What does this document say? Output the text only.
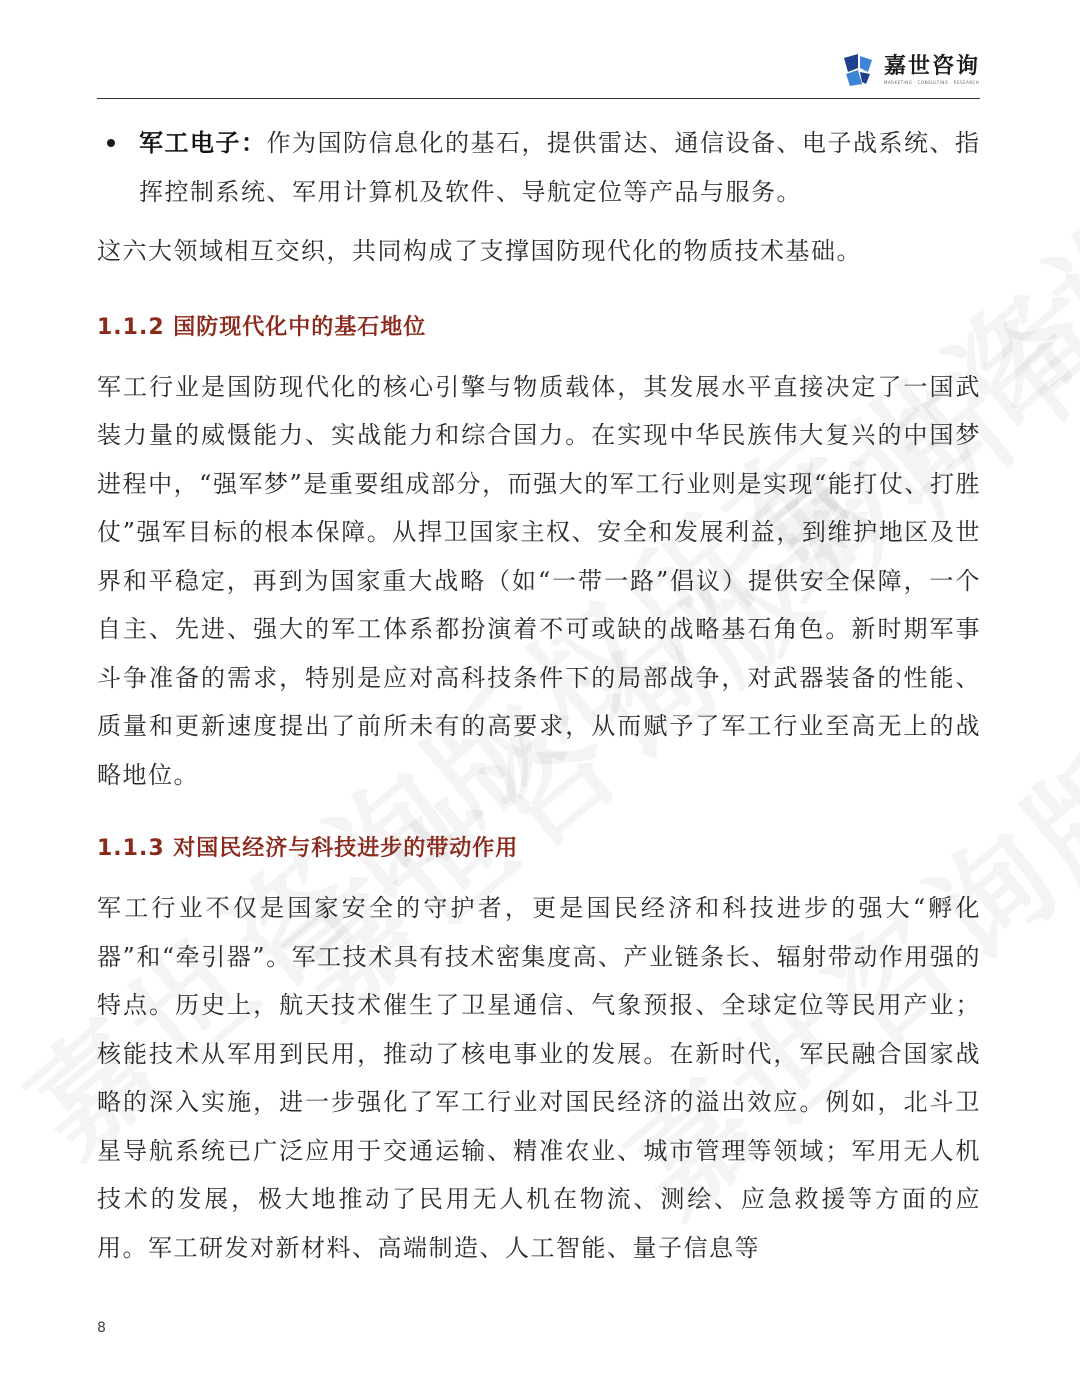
嘉世咨询
MARKETING · CONSULTING · RESEARCH
军工电子：作为国防信息化的基石，提供雷达、通信设备、电子战系统、指挥控制系统、军用计算机及软件、导航定位等产品与服务。

这六大领域相互交织，共同构成了支撑国防现代化的物质技术基础。

1.1.2 国防现代化中的基石地位

军工行业是国防现代化的核心引擎与物质载体，其发展水平直接决定了一国武装力量的威慑能力、实战能力和综合国力。在实现中华民族伟大复兴的中国梦进程中，“强军梦”是重要组成部分，而强大的军工行业则是实现“能打仗、打胜仗”强军目标的根本保障。从捍卫国家主权、安全和发展利益，到维护地区及世界和平稳定，再到为国家重大战略（如“一带一路”倡议）提供安全保障，一个自主、先进、强大的军工体系都扮演着不可或缺的战略基石角色。新时期军事斗争准备的需求，特别是应对高科技条件下的局部战争，对武器装备的性能、质量和更新速度提出了前所未有的高要求，从而赋予了军工行业至高无上的战略地位。

1.1.3 对国民经济与科技进步的带动作用

军工行业不仅是国家安全的守护者，更是国民经济和科技进步的强大“孵化器”和“牵引器”。军工技术具有技术密集度高、产业链条长、辐射带动作用强的特点。历史上，航天技术催生了卫星通信、气象预报、全球定位等民用产业；核能技术从军用到民用，推动了核电事业的发展。在新时代，军民融合国家战略的深入实施，进一步强化了军工行业对国民经济的溢出效应。例如，北斗卫星导航系统已广泛应用于交通运输、精准农业、城市管理等领域；军用无人机技术的发展，极大地推动了民用无人机在物流、测绘、应急救援等方面的应用。军工研发对新材料、高端制造、人工智能、量子信息等

8
